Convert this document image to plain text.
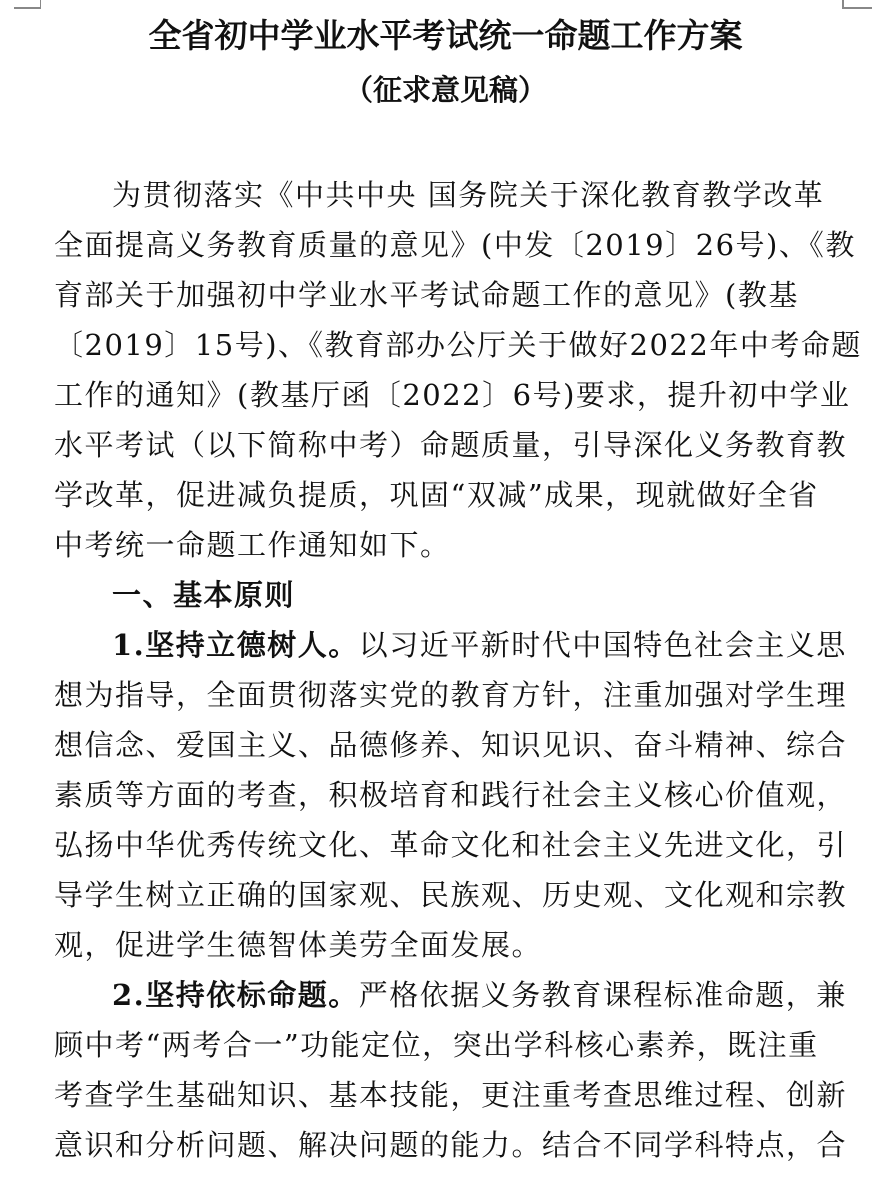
全省初中学业水平考试统一命题工作方案
（征求意见稿）
为贯彻落实《中共中央 国务院关于深化教育教学改革
全面提高义务教育质量的意见》(中发〔2019〕26号)、《教
育部关于加强初中学业水平考试命题工作的意见》(教基
〔2019〕15号)、《教育部办公厅关于做好2022年中考命题
工作的通知》(教基厅函〔2022〕6号)要求，提升初中学业
水平考试（以下简称中考）命题质量，引导深化义务教育教
学改革，促进减负提质，巩固“双减”成果，现就做好全省
中考统一命题工作通知如下。
一、基本原则
1.坚持立德树人。以习近平新时代中国特色社会主义思
想为指导，全面贯彻落实党的教育方针，注重加强对学生理
想信念、爱国主义、品德修养、知识见识、奋斗精神、综合
素质等方面的考查，积极培育和践行社会主义核心价值观，
弘扬中华优秀传统文化、革命文化和社会主义先进文化，引
导学生树立正确的国家观、民族观、历史观、文化观和宗教
观，促进学生德智体美劳全面发展。
2.坚持依标命题。严格依据义务教育课程标准命题，兼
顾中考“两考合一”功能定位，突出学科核心素养，既注重
考查学生基础知识、基本技能，更注重考查思维过程、创新
意识和分析问题、解决问题的能力。结合不同学科特点，合
